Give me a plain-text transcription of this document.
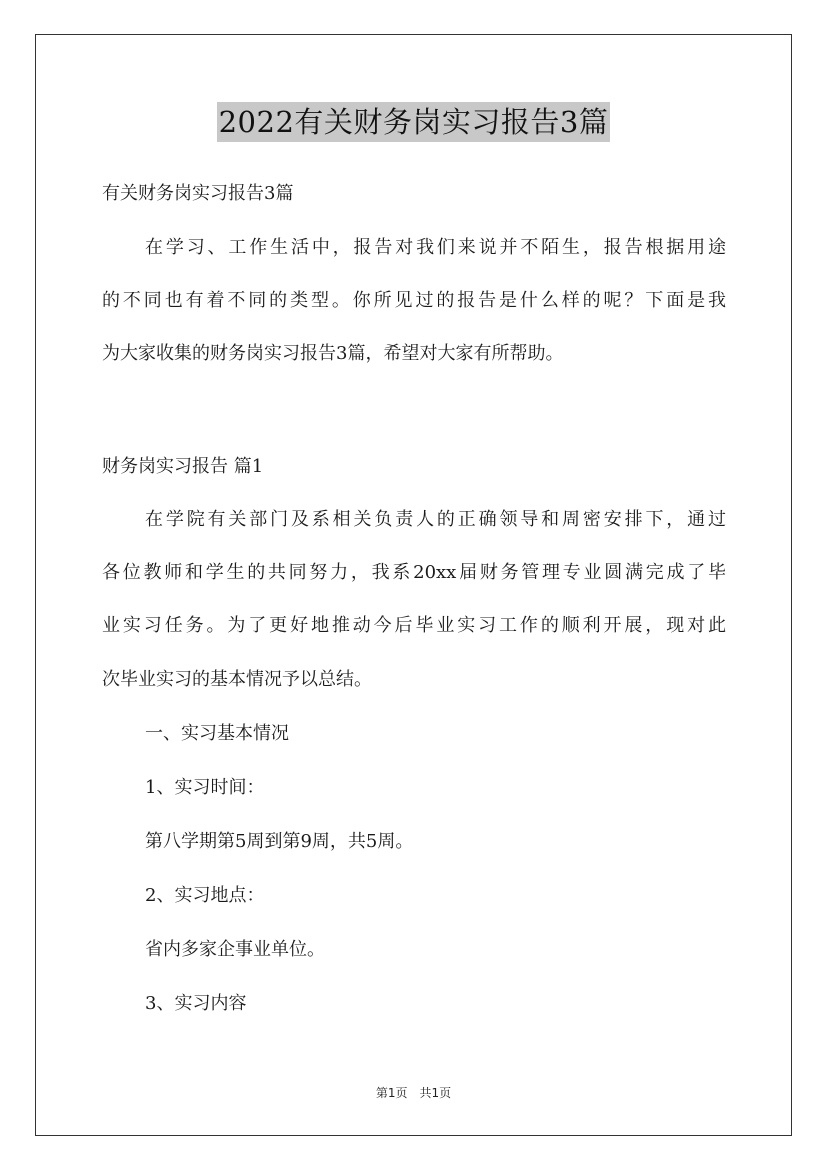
2022有关财务岗实习报告3篇
有关财务岗实习报告3篇
在学习、工作生活中，报告对我们来说并不陌生，报告根据用途
的不同也有着不同的类型。你所见过的报告是什么样的呢？下面是我
为大家收集的财务岗实习报告3篇，希望对大家有所帮助。
财务岗实习报告 篇1
在学院有关部门及系相关负责人的正确领导和周密安排下，通过
各位教师和学生的共同努力，我系20xx届财务管理专业圆满完成了毕
业实习任务。为了更好地推动今后毕业实习工作的顺利开展，现对此
次毕业实习的基本情况予以总结。
一、实习基本情况
1、实习时间：
第八学期第5周到第9周，共5周。
2、实习地点：
省内多家企事业单位。
3、实习内容
第1页　共1页
